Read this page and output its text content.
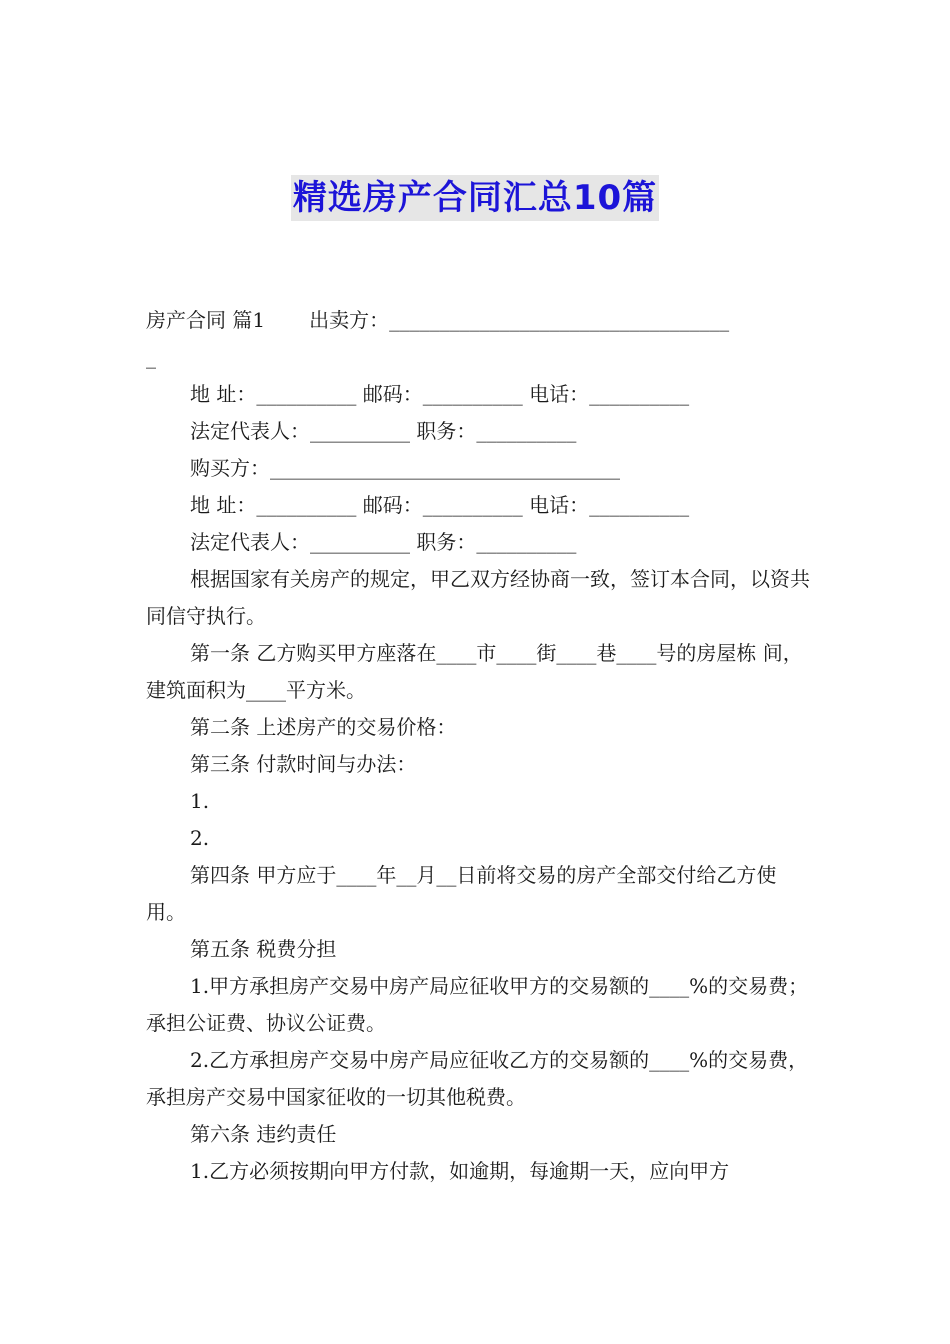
精选房产合同汇总10篇
房产合同 篇1 出卖方：__________________________________

_

地 址：__________ 邮码：__________ 电话：__________

法定代表人：__________ 职务：__________

购买方：___________________________________

地 址：__________ 邮码：__________ 电话：__________

法定代表人：__________ 职务：__________

根据国家有关房产的规定，甲乙双方经协商一致，签订本合同，以资共同信守执行。

第一条 乙方购买甲方座落在____市____街____巷____号的房屋栋 间，建筑面积为____平方米。

第二条 上述房产的交易价格：

第三条 付款时间与办法：

1.

2.

第四条 甲方应于____年__月__日前将交易的房产全部交付给乙方使用。

第五条 税费分担

1.甲方承担房产交易中房产局应征收甲方的交易额的____%的交易费；承担公证费、协议公证费。

2.乙方承担房产交易中房产局应征收乙方的交易额的____%的交易费，承担房产交易中国家征收的一切其他税费。

第六条 违约责任

1.乙方必须按期向甲方付款，如逾期，每逾期一天，应向甲方
